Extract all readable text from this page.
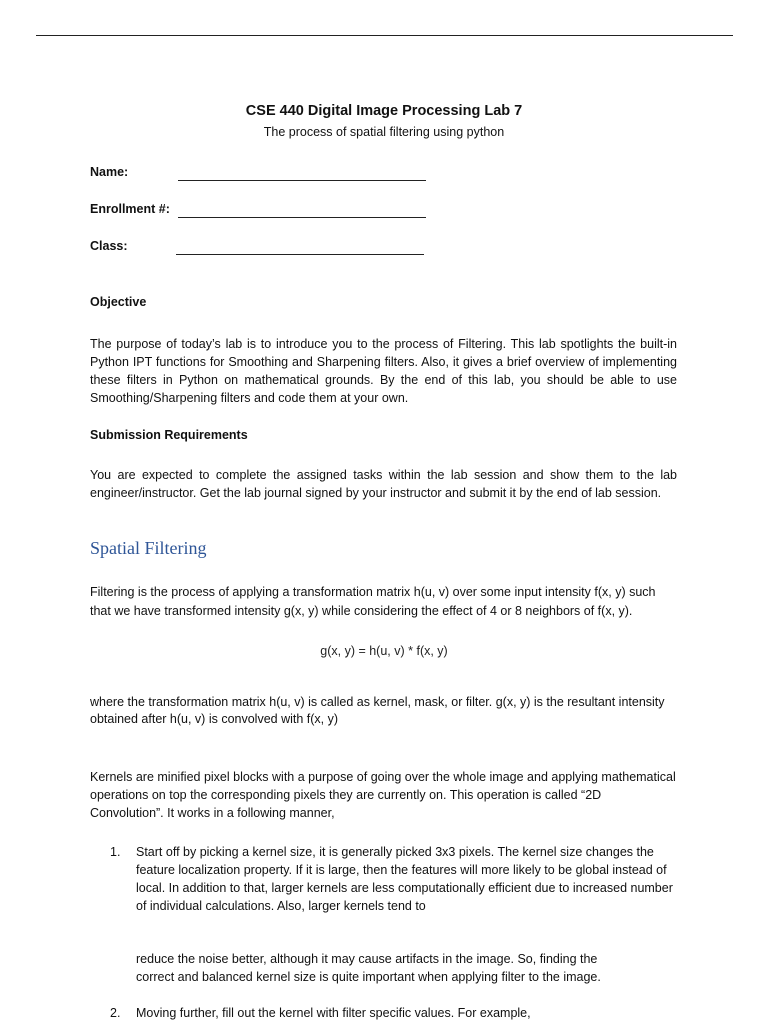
CSE 440 Digital Image Processing Lab 7
The process of spatial filtering using python
Name:
Enrollment #:
Class:
Objective

The purpose of today’s lab is to introduce you to the process of Filtering. This lab spotlights the built-in Python IPT functions for Smoothing and Sharpening filters. Also, it gives a brief overview of implementing these filters in Python on mathematical grounds. By the end of this lab, you should be able to use Smoothing/Sharpening filters and code them at your own.

Submission Requirements

You are expected to complete the assigned tasks within the lab session and show them to the lab engineer/instructor. Get the lab journal signed by your instructor and submit it by the end of lab session.

Spatial Filtering

Filtering is the process of applying a transformation matrix h(u, v) over some input intensity f(x, y) such that we have transformed intensity g(x, y) while considering the effect of 4 or 8 neighbors of f(x, y).

g(x, y) = h(u, v) * f(x, y)

where the transformation matrix h(u, v) is called as kernel, mask, or filter. g(x, y) is the resultant intensity obtained after h(u, v) is convolved with f(x, y)

Kernels are minified pixel blocks with a purpose of going over the whole image and applying mathematical operations on top the corresponding pixels they are currently on. This operation is called “2D Convolution”. It works in a following manner,

1. Start off by picking a kernel size, it is generally picked 3x3 pixels. The kernel size changes the feature localization property. If it is large, then the features will more likely to be global instead of local. In addition to that, larger kernels are less computationally efficient due to increased number of individual calculations. Also, larger kernels tend to

reduce the noise better, although it may cause artifacts in the image. So, finding the correct and balanced kernel size is quite important when applying filter to the image.

2. Moving further, fill out the kernel with filter specific values. For example,
